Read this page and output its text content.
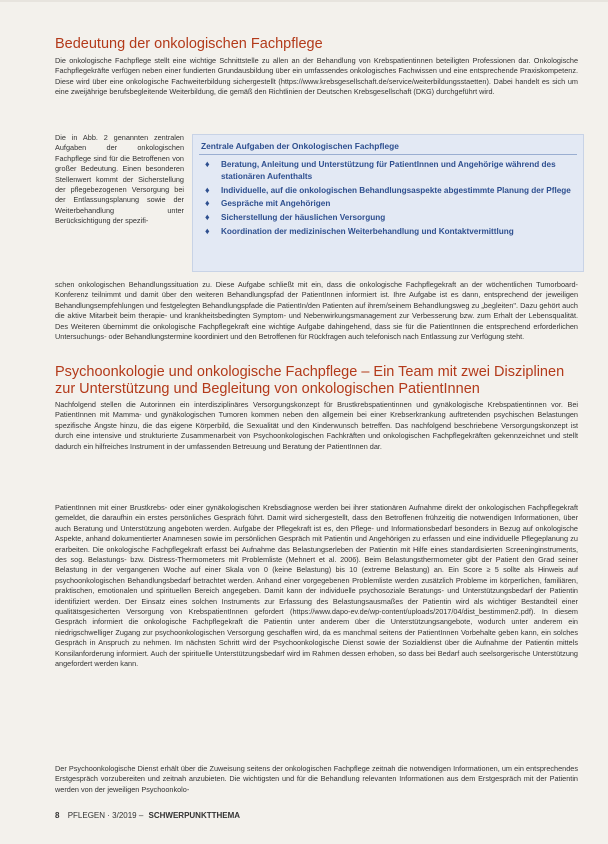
Bedeutung der onkologischen Fachpflege

Die onkologische Fachpflege stellt eine wichtige Schnittstelle zu allen an der Behandlung von Krebspatientinnen beteiligten Professionen dar. Onkologische Fachpflegekräfte verfügen neben einer fundierten Grundausbildung über ein umfassendes onkologisches Fachwissen und eine entsprechende Praxiskompetenz. Diese wird über eine onkologische Fachweiterbildung sichergestellt (https://www.krebsgesellschaft.de/service/weiterbildungsstaetten). Dabei handelt es sich um eine zweijährige berufsbegleitende Weiterbildung, die gemäß den Richtlinien der Deutschen Krebsgesellschaft (DKG) durchgeführt wird.

Die in Abb. 2 genannten zentralen Aufgaben der onkologischen Fachpflege sind für die Betroffenen von großer Bedeutung. Einen besonderen Stellenwert kommt der Sicherstellung der pflegebezogenen Versorgung bei der Entlassungsplanung sowie der Weiterbehandlung unter Berücksichtigung der spezifi-

Zentrale Aufgaben der Onkologischen Fachpflege
♦ Beratung, Anleitung und Unterstützung für PatientInnen und Angehörige während des stationären Aufenthalts
♦ Individuelle, auf die onkologischen Behandlungsaspekte abgestimmte Planung der Pflege
♦ Gespräche mit Angehörigen
♦ Sicherstellung der häuslichen Versorgung
♦ Koordination der medizinischen Weiterbehandlung und Kontaktvermittlung

schen onkologischen Behandlungssituation zu. Diese Aufgabe schließt mit ein, dass die onkologische Fachpflegekraft an der wöchentlichen Tumorboard-Konferenz teilnimmt und damit über den weiteren Behandlungspfad der PatientInnen informiert ist. Ihre Aufgabe ist es dann, entsprechend der jeweiligen Behandlungsempfehlungen und festgelegten Behandlungspfade die PatientIn/den Patienten auf ihrem/seinem Behandlungsweg zu „begleiten". Dazu gehört auch die aktive Mitarbeit beim therapie- und krankheitsbedingten Symptom- und Nebenwirkungsmanagement zur Verbesserung bzw. zum Erhalt der Lebensqualität. Des Weiteren übernimmt die onkologische Fachpflegekraft eine wichtige Aufgabe dahingehend, dass sie für die PatientInnen die entsprechend erforderlichen Untersuchungs- oder Behandlungstermine koordiniert und den Betroffenen für Rückfragen auch telefonisch nach Entlassung zur Verfügung steht.

Psychoonkologie und onkologische Fachpflege – Ein Team mit zwei Disziplinen zur Unterstützung und Begleitung von onkologischen PatientInnen

Nachfolgend stellen die Autorinnen ein interdisziplinäres Versorgungskonzept für Brustkrebspatientinnen und gynäkologische Krebspatientinnen vor. Bei PatientInnen mit Mamma- und gynäkologischen Tumoren kommen neben den allgemein bei einer Krebserkrankung auftretenden psychischen Belastungen spezifische Ängste hinzu, die das eigene Körperbild, die Sexualität und den Kinderwunsch betreffen. Das nachfolgend beschriebene Versorgungskonzept ist durch eine intensive und strukturierte Zusammenarbeit von Psychoonkologischen Fachkräften und onkologischen Fachpflegekräften gekennzeichnet und stellt dadurch ein hilfreiches Instrument in der umfassenden Betreuung und Beratung der PatientInnen dar.

PatientInnen mit einer Brustkrebs- oder einer gynäkologischen Krebsdiagnose werden bei ihrer stationären Aufnahme direkt der onkologischen Fachpflegekraft gemeldet, die daraufhin ein erstes persönliches Gespräch führt. Damit wird sichergestellt, dass den Betroffenen frühzeitig die notwendigen Informationen, über auch Beratung und Unterstützung angeboten werden. Aufgabe der Pflegekraft ist es, den Pflege- und Informationsbedarf besonders in Bezug auf onkologische Aspekte, anhand dokumentierter Anamnesen sowie im persönlichen Gespräch mit Patientin und Angehörigen zu erfassen und eine individuelle Pflegeplanung zu erarbeiten. Die onkologische Fachpflegekraft erfasst bei Aufnahme das Belastungserleben der Patientin mit Hilfe eines standardisierten Screeninginstruments, des sog. Belastungs- bzw. Distress-Thermometers mit Problemliste (Mehnert et al. 2006). Beim Belastungsthermometer gibt der Patient den Grad seiner Belastung in der vergangenen Woche auf einer Skala von 0 (keine Belastung) bis 10 (extreme Belastung) an. Ein Score ≥ 5 sollte als Hinweis auf psychoonkologischen Behandlungsbedarf betrachtet werden. Anhand einer vorgegebenen Problemliste werden zusätzlich Probleme im körperlichen, familiären, praktischen, emotionalen und spirituellen Bereich angegeben. Damit kann der individuelle psychosoziale Beratungs- und Unterstützungsbedarf der Patientin identifiziert werden. Der Einsatz eines solchen Instruments zur Erfassung des Belastungsausmaßes der Patientin wird als wichtiger Bestandteil einer qualitätsgesicherten Versorgung von KrebspatientInnen gefordert (https://www.dapo-ev.de/wp-content/uploads/2017/04/dist_bestimmen2.pdf). In diesem Gespräch informiert die onkologische Fachpflegekraft die Patientin unter anderem über die Unterstützungsangebote, wodurch unter anderem ein niedrigschwelliger Zugang zur psychoonkologischen Versorgung geschaffen wird, da es manchmal seitens der PatientInnen Vorbehalte geben kann, ein solches Gespräch in Anspruch zu nehmen. Im nächsten Schritt wird der Psychoonkologische Dienst sowie der Sozialdienst über die Aufnahme der Patientin mittels Konsilanforderung informiert. Auch der spirituelle Unterstützungsbedarf wird im Rahmen dessen erhoben, so dass bei Bedarf auch seelsorgerische Unterstützung angefordert werden kann.

Der Psychoonkologische Dienst erhält über die Zuweisung seitens der onkologischen Fachpflege zeitnah die notwendigen Informationen, um ein entsprechendes Erstgespräch vorzubereiten und zeitnah anzubieten. Die wichtigsten und für die Behandlung relevanten Informationen aus dem Erstgespräch mit der Patientin werden von der jeweiligen Psychoonkolo-

8 PFLEGEN · 3/2019 – SCHWERPUNKTTHEMA
